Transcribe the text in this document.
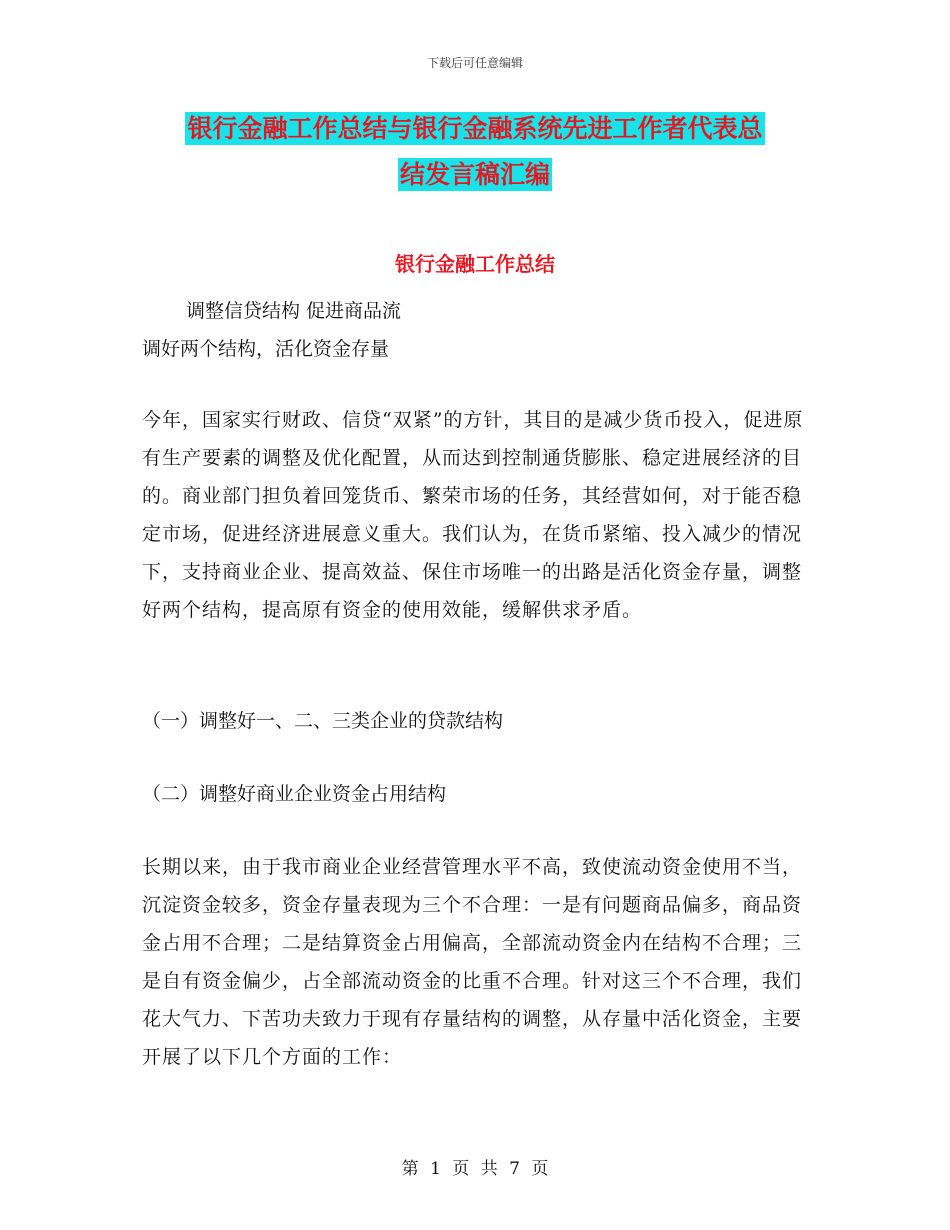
下载后可任意编辑
银行金融工作总结与银行金融系统先进工作者代表总
结发言稿汇编
银行金融工作总结
调整信贷结构 促进商品流
调好两个结构，活化资金存量
今年，国家实行财政、信贷“双紧”的方针，其目的是减少货币投入，促进原有生产要素的调整及优化配置，从而达到控制通货膨胀、稳定进展经济的目的。商业部门担负着回笼货币、繁荣市场的任务，其经营如何，对于能否稳定市场，促进经济进展意义重大。我们认为，在货币紧缩、投入减少的情况下，支持商业企业、提高效益、保住市场唯一的出路是活化资金存量，调整好两个结构，提高原有资金的使用效能，缓解供求矛盾。
（一）调整好一、二、三类企业的贷款结构
（二）调整好商业企业资金占用结构
长期以来，由于我市商业企业经营管理水平不高，致使流动资金使用不当，沉淀资金较多，资金存量表现为三个不合理：一是有问题商品偏多，商品资金占用不合理；二是结算资金占用偏高，全部流动资金内在结构不合理；三是自有资金偏少，占全部流动资金的比重不合理。针对这三个不合理，我们花大气力、下苦功夫致力于现有存量结构的调整，从存量中活化资金，主要开展了以下几个方面的工作：
第 1 页 共 7 页
